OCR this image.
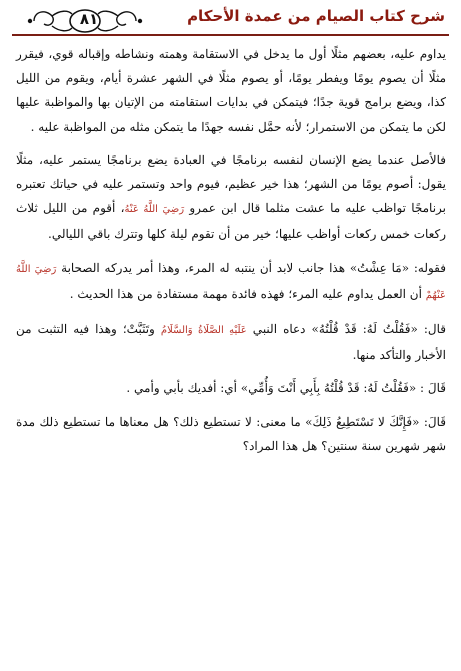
شرح كتاب الصيام من عمدة الأحكام
٨١

يداوم عليه، بعضهم مثلًا أول ما يدخل في الاستقامة وهمته ونشاطه وإقباله قوي، فيقرر مثلًا أن يصوم يومًا ويفطر يومًا، أو يصوم مثلًا في الشهر عشرة أيام، ويقوم من الليل كذا، ويضع برامج قوية جدًا؛ فيتمكن في بدايات استقامته من الإتيان بها والمواظبة عليها لكن ما يتمكن من الاستمرار؛ لأنه حمَّل نفسه جهدًا ما يتمكن مثله من المواظبة عليه .

فالأصل عندما يضع الإنسان لنفسه برنامجًا في العبادة يضع برنامجًا يستمر عليه، مثلًا يقول: أصوم يومًا من الشهر؛ هذا خير عظيم، فيوم واحد وتستمر عليه في حياتك تعتبره برنامجًا تواظب عليه ما عشت مثلما قال ابن عمرو رَضِيَ اللَّهُ عَنْهُ، أقوم من الليل ثلاث ركعات خمس ركعات أواظب عليها؛ خير من أن تقوم ليلة كلها وتترك باقي الليالي.

فقوله: «مَا عِشْتُ» هذا جانب لابد أن ينتبه له المرء، وهذا أمر يدركه الصحابة رَضِيَ اللَّهُ عَنْهُمْ أن العمل يداوم عليه المرء؛ فهذه فائدة مهمة مستفادة من هذا الحديث .

قال: «فَقُلْتُ لَهُ: قَدْ قُلْتُهُ» دعاه النبي عَلَيْهِ الصَّلَاةُ وَالسَّلَامُ وتَثَبَّتْ؛ وهذا فيه التثبت من الأخبار والتأكد منها.

قَالَ : «فَقُلْتُ لَهُ: قَدْ قُلْتُهُ بِأَبِي أَنْتَ وَأُمِّي» أي: أفديك بأبي وأمي .

قَالَ: «فَإِنَّكَ لا تَسْتَطِيعُ ذَلِكَ» ما معنى: لا تستطيع ذلك؟ هل معناها ما تستطيع ذلك مدة شهر شهرين سنة سنتين؟ هل هذا المراد؟
